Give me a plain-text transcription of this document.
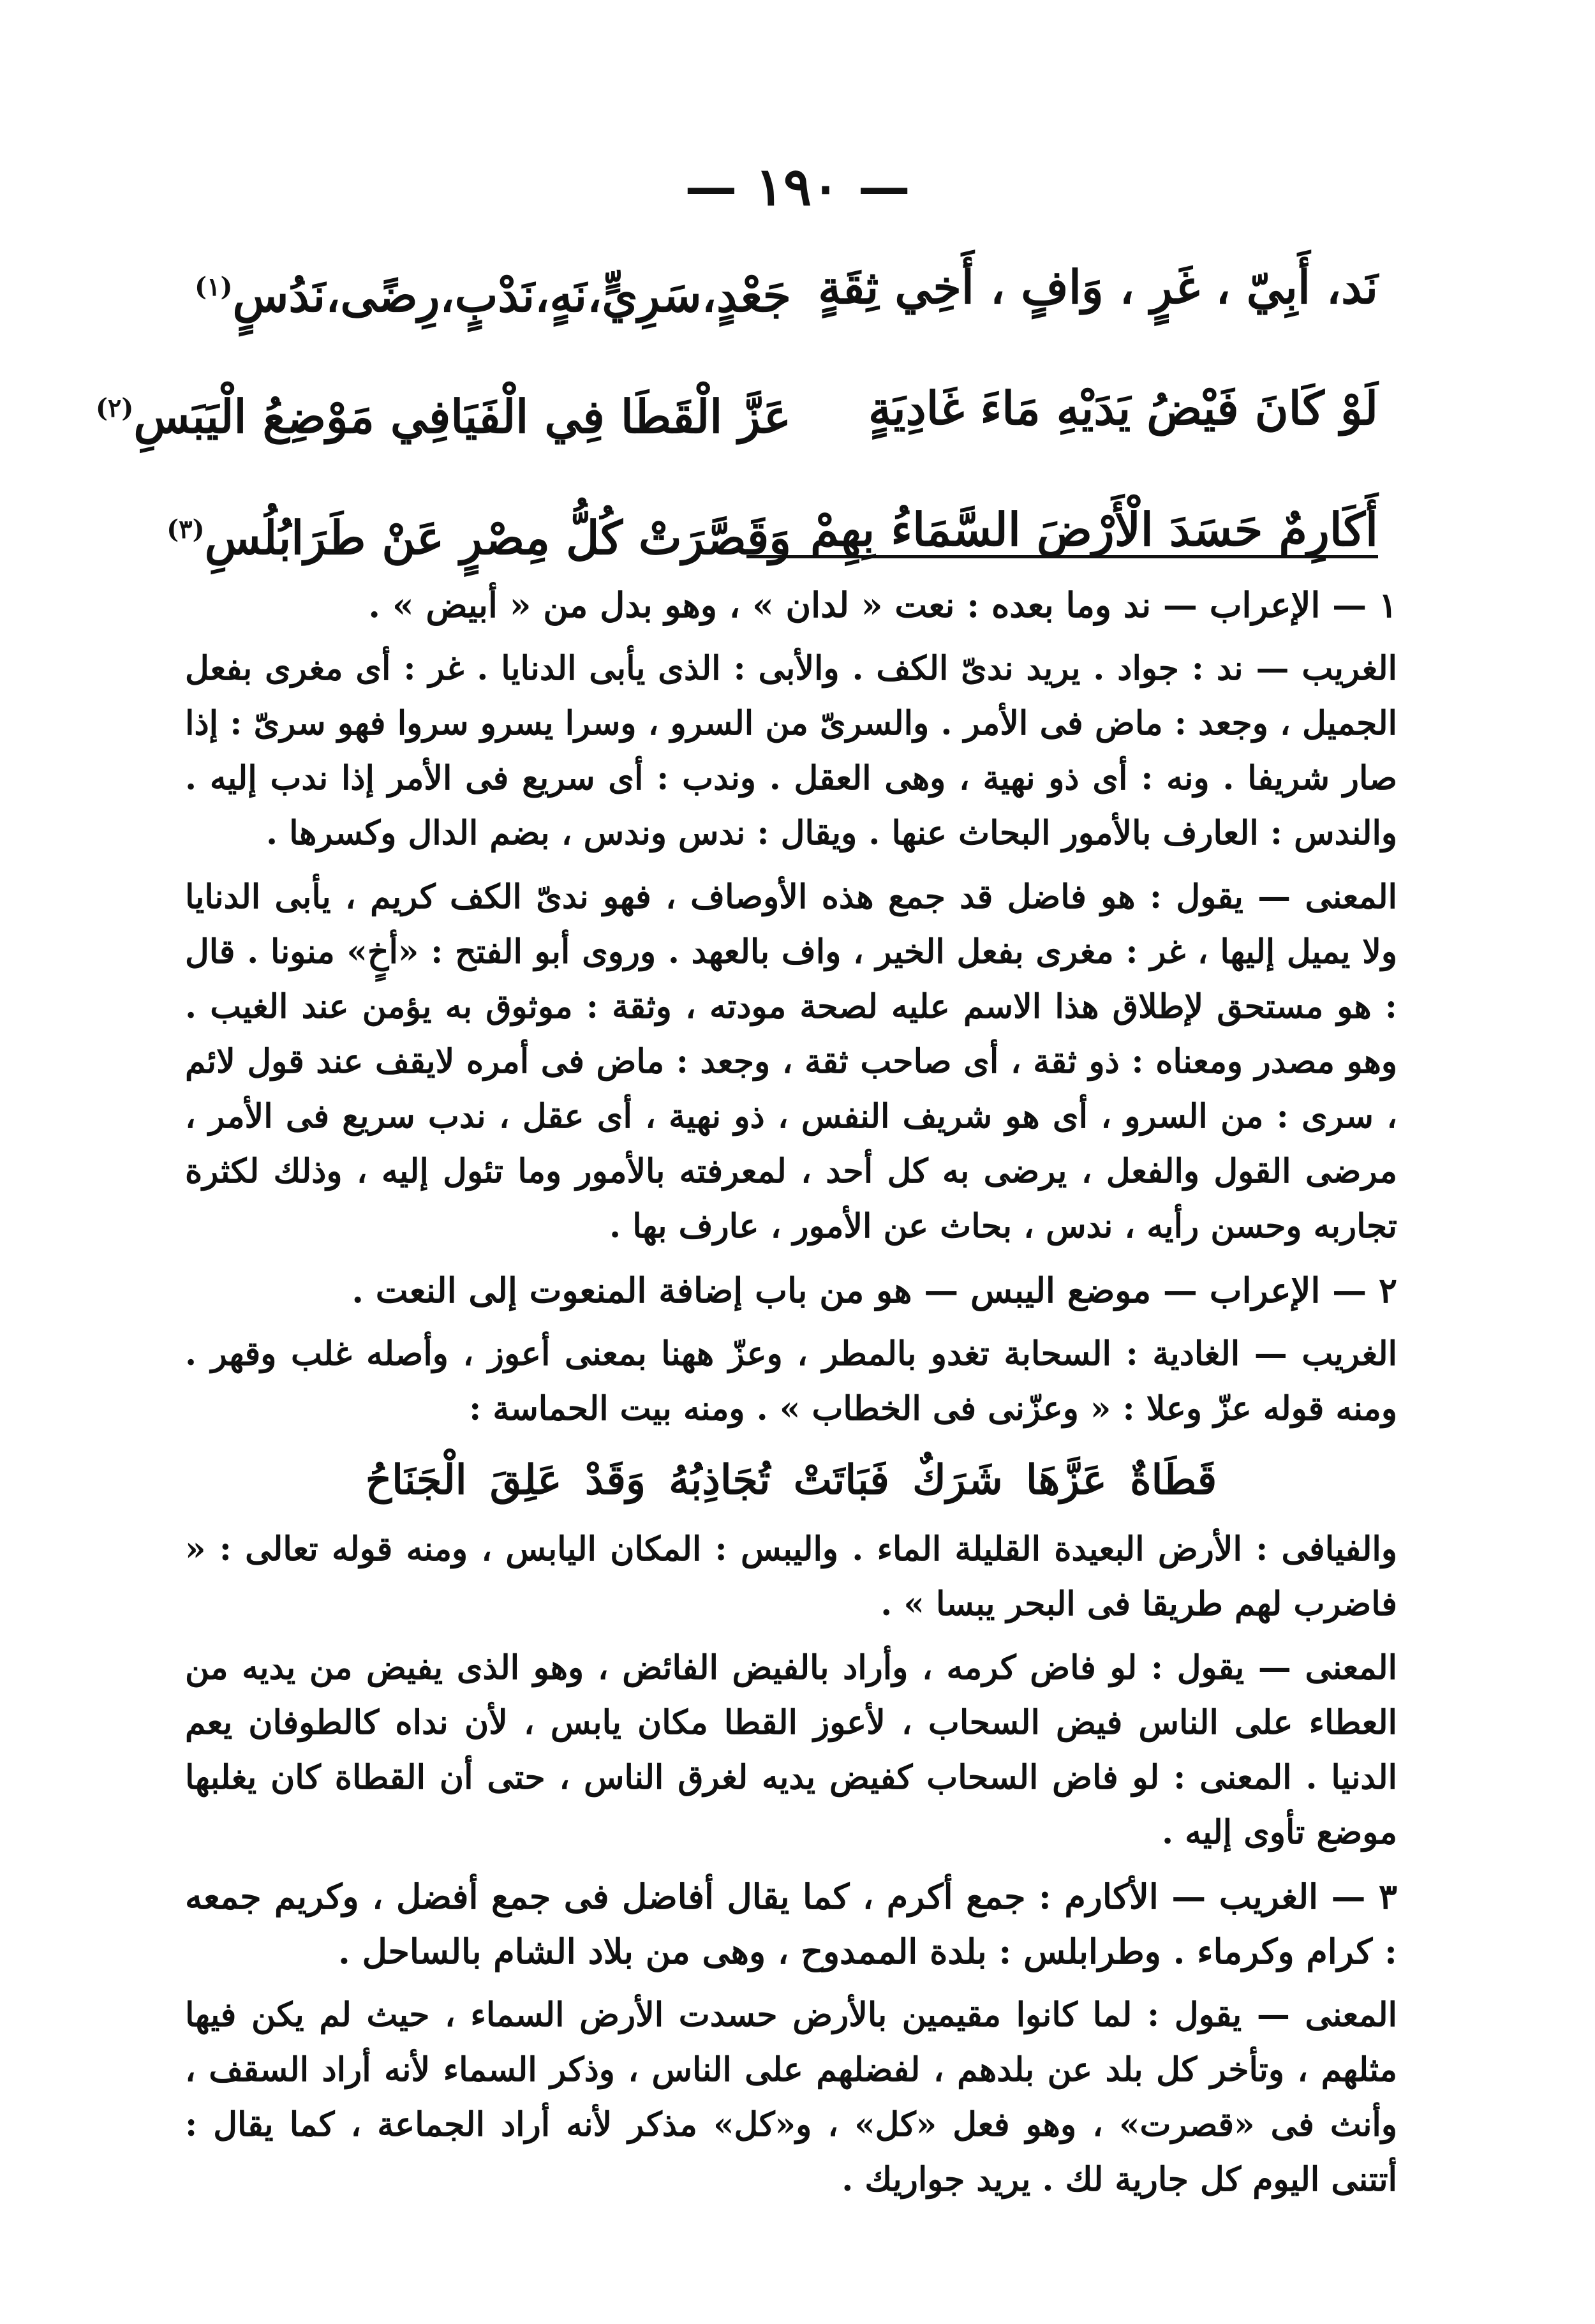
— ١٩٠ —
نَد، أَبِيّ ، غَرٍ ، وَافٍ ، أَخِي ثِقَةٍ
جَعْدٍ،سَرِيٍّ،نَهٍ،نَدْبٍ،رِضًى،نَدُسٍ(١)
لَوْ كَانَ فَيْضُ يَدَيْهِ مَاءَ غَادِيَةٍ
عَزَّ الْقَطَا فِي الْفَيَافِي مَوْضِعُ الْيَبَسِ(٢)
أَكَارِمٌ حَسَدَ الْأَرْضَ السَّمَاءُ بِهِمْ
وَقَصَّرَتْ كُلُّ مِصْرٍ عَنْ طَرَابُلُسِ(٣)

١ — الإعراب — ند وما بعده : نعت « لدان » ، وهو بدل من « أبيض » .

الغريب — ند : جواد . يريد ندىّ الكف . والأبى : الذى يأبى الدنايا . غر : أى مغرى بفعل الجميل ، وجعد : ماض فى الأمر . والسرىّ من السرو ، وسرا يسرو سروا فهو سرىّ : إذا صار شريفا . ونه : أى ذو نهية ، وهى العقل . وندب : أى سريع فى الأمر إذا ندب إليه . والندس : العارف بالأمور البحاث عنها . ويقال : ندس وندس ، بضم الدال وكسرها .

المعنى — يقول : هو فاضل قد جمع هذه الأوصاف ، فهو ندىّ الكف كريم ، يأبى الدنايا ولا يميل إليها ، غر : مغرى بفعل الخير ، واف بالعهد . وروى أبو الفتح : «أخٍ» منونا . قال : هو مستحق لإطلاق هذا الاسم عليه لصحة مودته ، وثقة : موثوق به يؤمن عند الغيب . وهو مصدر ومعناه : ذو ثقة ، أى صاحب ثقة ، وجعد : ماض فى أمره لايقف عند قول لائم ، سرى : من السرو ، أى هو شريف النفس ، ذو نهية ، أى عقل ، ندب سريع فى الأمر ، مرضى القول والفعل ، يرضى به كل أحد ، لمعرفته بالأمور وما تئول إليه ، وذلك لكثرة تجاربه وحسن رأيه ، ندس ، بحاث عن الأمور ، عارف بها .

٢ — الإعراب — موضع اليبس — هو من باب إضافة المنعوت إلى النعت .

الغريب — الغادية : السحابة تغدو بالمطر ، وعزّ ههنا بمعنى أعوز ، وأصله غلب وقهر . ومنه قوله عزّ وعلا : « وعزّنى فى الخطاب » . ومنه بيت الحماسة :

قَطَاةٌ عَزَّهَا شَرَكٌ فَبَاتَتْ تُجَاذِبُهُ وَقَدْ عَلِقَ الْجَنَاحُ

والفيافى : الأرض البعيدة القليلة الماء . واليبس : المكان اليابس ، ومنه قوله تعالى : « فاضرب لهم طريقا فى البحر يبسا » .

المعنى — يقول : لو فاض كرمه ، وأراد بالفيض الفائض ، وهو الذى يفيض من يديه من العطاء على الناس فيض السحاب ، لأعوز القطا مكان يابس ، لأن نداه كالطوفان يعم الدنيا . المعنى : لو فاض السحاب كفيض يديه لغرق الناس ، حتى أن القطاة كان يغلبها موضع تأوى إليه .

٣ — الغريب — الأكارم : جمع أكرم ، كما يقال أفاضل فى جمع أفضل ، وكريم جمعه : كرام وكرماء . وطرابلس : بلدة الممدوح ، وهى من بلاد الشام بالساحل .

المعنى — يقول : لما كانوا مقيمين بالأرض حسدت الأرض السماء ، حيث لم يكن فيها مثلهم ، وتأخر كل بلد عن بلدهم ، لفضلهم على الناس ، وذكر السماء لأنه أراد السقف ، وأنث فى «قصرت» ، وهو فعل «كل» ، و«كل» مذكر لأنه أراد الجماعة ، كما يقال : أتتنى اليوم كل جارية لك . يريد جواريك .
